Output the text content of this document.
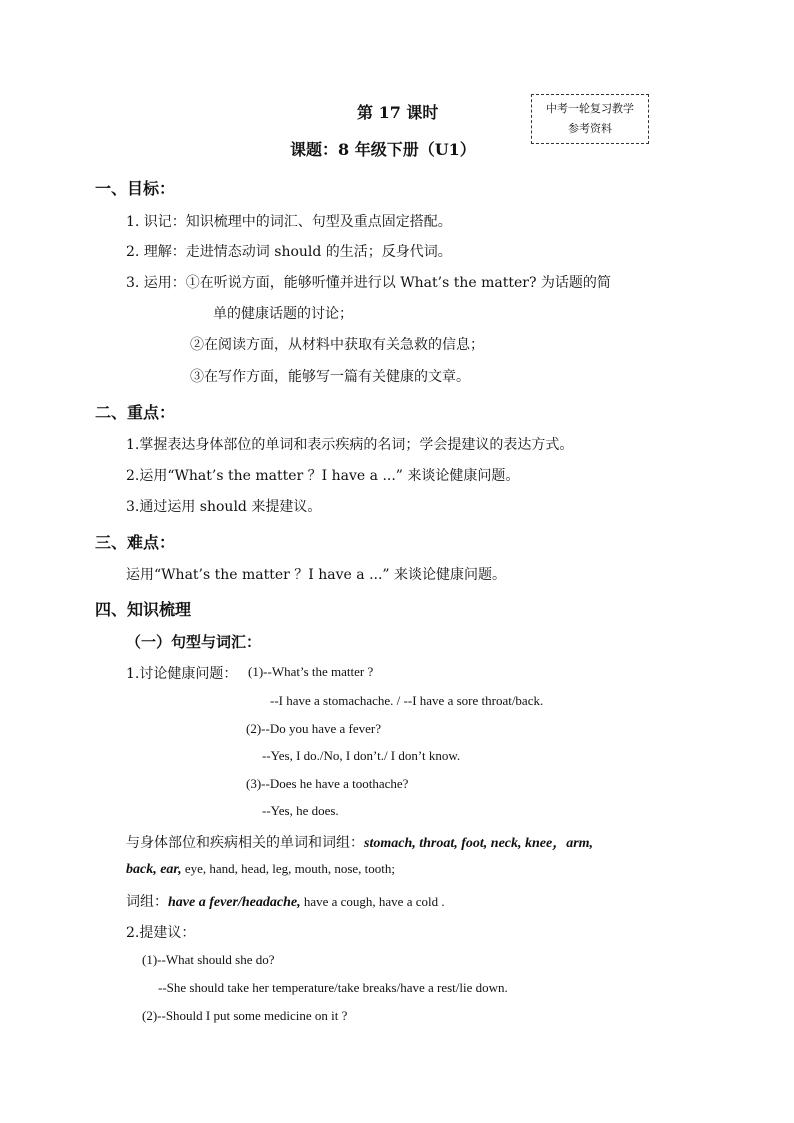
第 17 课时
课题：8 年级下册（U1）
中考一轮复习教学
参考资料
一、目标：
1. 识记：知识梳理中的词汇、句型及重点固定搭配。
2. 理解：走进情态动词 should 的生活；反身代词。
3. 运用：①在听说方面，能够听懂并进行以 What’s the matter? 为话题的简
单的健康话题的讨论；
②在阅读方面，从材料中获取有关急救的信息；
③在写作方面，能够写一篇有关健康的文章。
二、重点：
1.掌握表达身体部位的单词和表示疾病的名词；学会提建议的表达方式。
2.运用“What’s the matter ？I have a ...” 来谈论健康问题。
3.通过运用 should 来提建议。
三、难点：
运用“What’s the matter ？I have a ...” 来谈论健康问题。
四、知识梳理
（一）句型与词汇：
1.讨论健康问题： (1)--What’s the matter ?
--I have a stomachache. / --I have a sore throat/back.
(2)--Do you have a fever?
--Yes, I do./No, I don’t./ I don’t know.
(3)--Does he have a toothache?
--Yes, he does.
与身体部位和疾病相关的单词和词组：stomach, throat, foot, neck, knee，arm,
back, ear, eye, hand, head, leg, mouth, nose, tooth;
词组：have a fever/headache, have a cough, have a cold .
2.提建议：
(1)--What should she do?
--She should take her temperature/take breaks/have a rest/lie down.
(2)--Should I put some medicine on it ?
